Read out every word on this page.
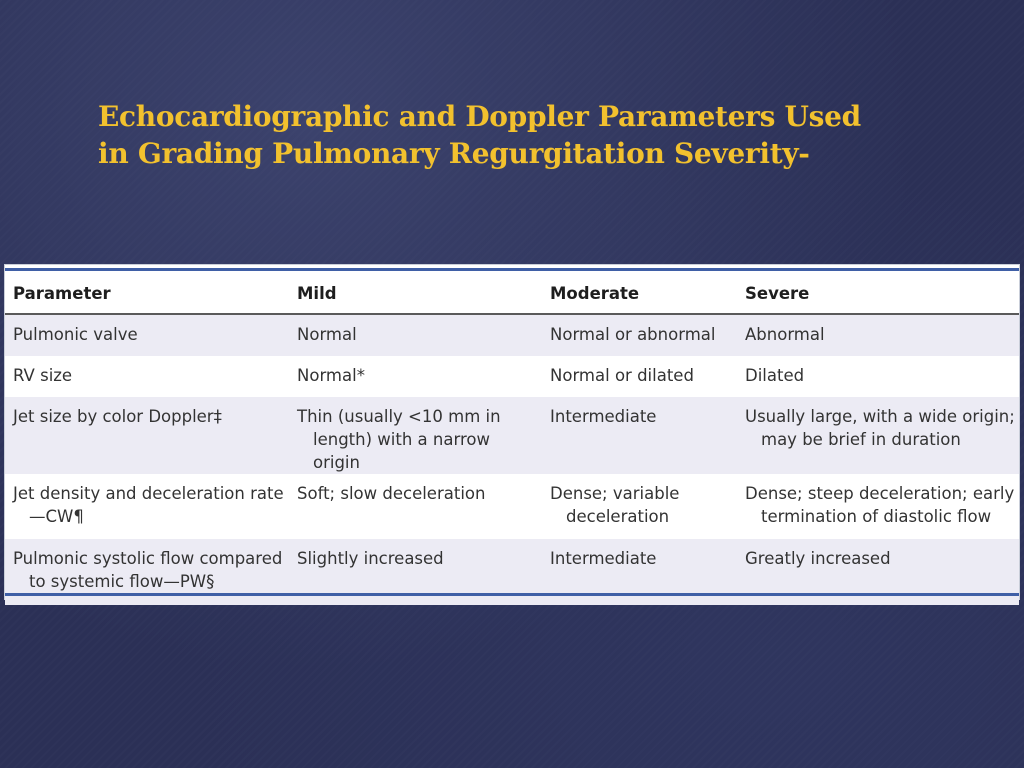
Echocardiographic and Doppler Parameters Used
in Grading Pulmonary Regurgitation Severity-
Parameter	Mild	Moderate	Severe

Pulmonic valve	Normal	Normal or abnormal	Abnormal

RV size	Normal*	Normal or dilated	Dilated

Jet size by color Doppler‡	Thin (usually <10 mm in length) with a narrow origin	Intermediate	Usually large, with a wide origin; may be brief in duration

Jet density and deceleration rate—CW¶	Soft; slow deceleration	Dense; variable deceleration	Dense; steep deceleration; early termination of diastolic flow

Pulmonic systolic flow compared to systemic flow—PW§	Slightly increased	Intermediate	Greatly increased
